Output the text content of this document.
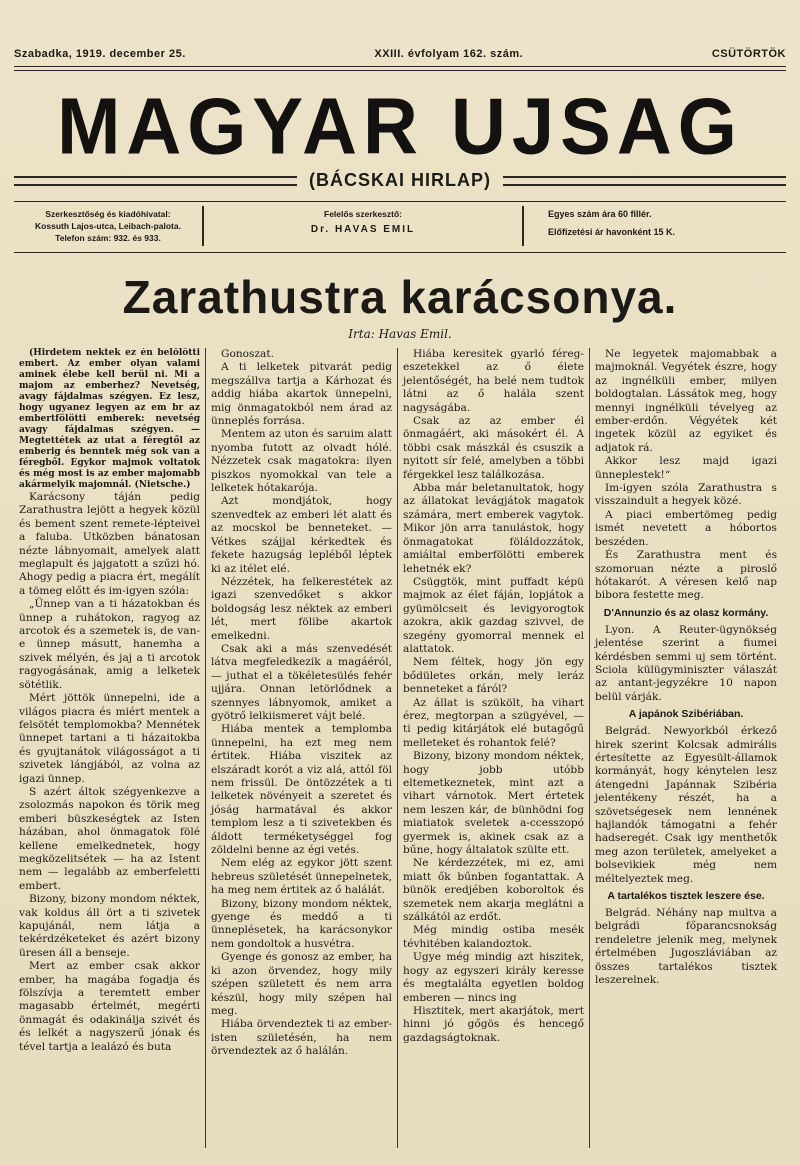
Szabadka, 1919. december 25.	XXIII. évfolyam 162. szám.	CSÜTÖRTÖK
MAGYAR UJSAG
(BÁCSKAI HIRLAP)
Szerkesztőség és kiadóhivatal:
Kossuth Lajos-utca, Leibach-palota.
Telefon szám: 932. és 933.
Felelős szerkesztő:
Dr. HAVAS EMIL
Egyes szám ára 60 fillér.
Előfizetési ár havonként 15 K.
Zarathustra karácsonya.
Irta: Havas Emil.

(Hirdetem nektek ez én belőlötti embert. Az ember olyan valami aminek élebe kell berül ni. Mi a majom az emberhez? Nevetség, avagy fájdalmas szégyen. Ez lesz, hogy ugyanez legyen az em br az embertfölötti emberek: nevetség avagy fájdalmas szégyen. — Megtettétek az utat a féregtől az emberig és benntek még sok van a féregből. Egykor majmok voltatok és még most is az ember majomabb akármelyik majomnál. (Nietsche.)

Karácsony táján pedig Zarathustra lejött a hegyek közül és bement szent remete-lépteivel a faluba. Utközben bánatosan nézte lábnyomait, amelyek alatt meglapult és jajgatott a szűzi hó. Ahogy pedig a piacra ért, megálít a tömeg előtt és im-igyen szóla:

„Ünnep van a ti házatokban és ünnep a ruhátokon, ragyog az arcotok és a szemetek is, de van-e ünnep másutt, hanemha a szivek mélyén, és jaj a ti arcotok ragyogásának, amig a lelketek sötétlik.

Mért jöttök ünnepelni, ide a világos piacra és miért mentek a felsötét templomokba? Mennétek ünnepet tartani a ti házaitokba és gyujtanátok világosságot a ti szivetek lángjából, az volna az igazi ünnep.

S azért áltok szégyenkezve a zsolozmás napokon és törik meg emberi büszkeségtek az Isten házában, ahol önmagatok fölé kellene emelkednetek, hogy megközelitsétek — ha az Istent nem — legalább az emberfeletti embert.

Bizony, bizony mondom néktek, vak koldus áll ört a ti szivetek kapujánál, nem látja a tekérdzéketeket és azért bizony üresen áll a benseje.

Mert az ember csak akkor ember, ha magába fogadja és fölszívja a teremtett ember magasabb értelmét, megérti önmagát és odakinálja szivét és és lelkét a nagyszerű jónak és tével tartja a lealázó és buta

Gonoszat.

A ti lelketek pitvarát pedig megszállva tartja a Kárhozat és addig hiába akartok ünnepelni, mig önmagatokból nem árad az ünneplés forrása.

Mentem az uton és saruim alatt nyomba futott az olvadt hólé. Nézzetek csak magatokra: ilyen piszkos nyomokkal van tele a lelketek hótakarója.

Azt mondjátok, hogy szenvedtek az emberi lét alatt és az mocskol be benneteket. — Vétkes szájjal kérkedtek és fekete hazugság lepléből léptek ki az itélet elé.

Nézzétek, ha felkerestétek az igazi szenvedőket s akkor boldogság lesz néktek az emberi lét, mert fölibe akartok emelkedni.

Csak aki a más szenvedését látva megfeledkezik a magáéról, — juthat el a tökéletesülés fehér ujjára. Onnan letörlődnek a szennyes lábnyomok, amiket a gyötrő lelkiismeret vájt belé.

Hiába mentek a templomba ünnepelni, ha ezt meg nem értitek. Hiába viszitek az elszáradt korót a viz alá, attól föl nem frissül. De öntözzétek a ti lelketek növényeit a szeretet és jóság harmatával és akkor templom lesz a ti szivetekben és áldott terméketységgel fog zöldelni benne az égi vetés.

Nem elég az egykor jött szent hebreus születését ünnepelnetek, ha meg nem értitek az ő halálát.

Bizony, bizony mondom néktek, gyenge és meddő a ti ünneplésetek, ha karácsonykor nem gondoltok a husvétra.

Gyenge és gonosz az ember, ha ki azon örvendez, hogy mily szépen született és nem arra készül, hogy mily szépen hal meg.

Hiába örvendeztek ti az ember-isten születésén, ha nem örvendeztek az ő halálán.

Hiába keresitek gyarló féreg-eszetekkel az ő élete jelentőségét, ha belé nem tudtok látni az ő halála szent nagyságába.

Csak az az ember él önmagáért, aki másokért él. A többi csak mászkál és csuszik a nyitott sír felé, amelyben a többi férgekkel lesz találkozása.

Abba már beletanultatok, hogy az állatokat levágjátok magatok számára, mert emberek vagytok. Mikor jön arra tanulástok, hogy önmagatokat föláldozzátok, amiáltal emberfölötti emberek lehetnék ek?

Csüggtök, mint puffadt képü majmok az élet fáján, lopjátok a gyümölcseit és levigyorogtok azokra, akik gazdag szivvel, de szegény gyomorral mennek el alattatok.

Nem féltek, hogy jön egy bődületes orkán, mely leráz benneteket a fáról?

Az állat is szükölt, ha vihart érez, megtorpan a szügyével, — ti pedig kitárjátok elé butagőgű melleteket és rohantok felé?

Bizony, bizony mondom néktek, hogy jobb utóbb eltemetkeznetek, mint azt a vihart várnotok. Mert értetek nem leszen kár, de bünhödni fog miatiatok sveletek a-ccesszopó gyermek is, akinek csak az a bűne, hogy általatok szülte ett.

Ne kérdezzétek, mi ez, ami miatt ők bűnben fogantattak. A bünök eredjében koboroltok és szemetek nem akarja meglátni a szálkától az erdőt.

Még mindig ostiba mesék tévhitében kalandoztok.

Ugye még mindig azt hiszitek, hogy az egyszeri király keresse és megtalálta egyetlen boldog emberen — nincs ing

Hisztitek, mert akarjátok, mert hinni jó gőgös és hencegő gazdagságtoknak.

Ne legyetek majomabbak a majmoknál. Vegyétek észre, hogy az ingnélküli ember, milyen boldogtalan. Lássátok meg, hogy mennyi ingnélküli tévelyeg az ember-erdőn. Végyétek két ingetek közül az egyiket és adjatok rá.

Akkor lesz majd igazi ünneplestek!“

Im-igyen szóla Zarathustra s visszaindult a hegyek közé.

A piaci embertömeg pedig ismét nevetett a hóbortos beszéden.

És Zarathustra ment és szomoruan nézte a piroslő hótakarót. A véresen kelő nap bibora festette meg.

D'Annunzio és az olasz kormány.

Lyon. A Reuter-ügynökség jelentése szerint a fiumei kérdésben semmi uj sem történt. Sciola külügyminiszter válaszát az antant-jegyzékre 10 napon belül várják.

A japánok Szibériában.

Belgrád. Newyorkból érkező hirek szerint Kolcsak admirális értesítette az Egyesült-államok kormányát, hogy kénytelen lesz átengedni Japánnak Szibéria jelentékeny részét, ha a szövetségesek nem lennének hajlandók támogatni a fehér hadseregét. Csak igy menthetők meg azon területek, amelyeket a bolsevikiek még nem méltelyeztek meg.

A tartalékos tisztek leszere ése.

Belgrád. Néhány nap multva a belgrádi főparancsnokság rendeletre jelenik meg, melynek értelmében Jugoszláviában az összes tartalékos tisztek leszerelnek.
